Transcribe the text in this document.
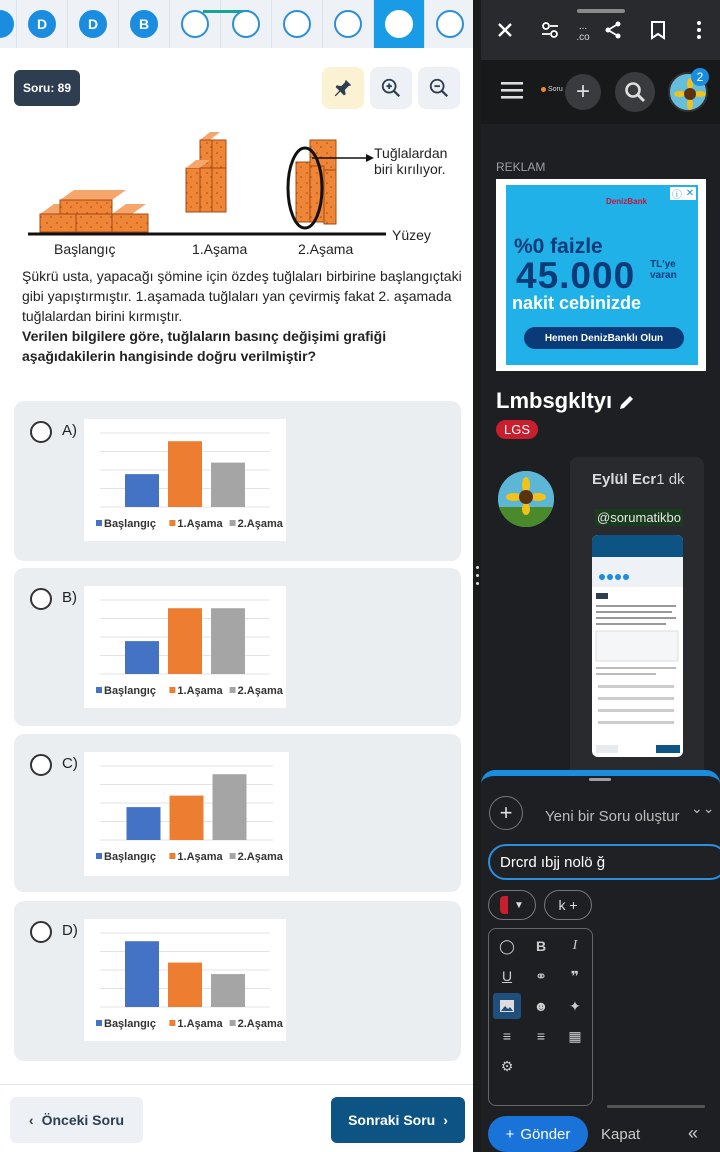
D	D	B
Soru: 89
Başlangıç	1.Aşama	2.Aşama
Yüzey
Tuğlalardan
biri kırılıyor.
Şükrü usta, yapacağı şömine için özdeş tuğlaları birbirine başlangıçtaki gibi yapıştırmıştır. 1.aşamada tuğlaları yan çevirmiş fakat 2. aşamada tuğlalardan birini kırmıştır.
Verilen bilgilere göre, tuğlaların basınç değişimi grafiği aşağıdakilerin hangisinde doğru verilmiştir?
A)
Başlangıç 1.Aşama 2.Aşama
B)
Başlangıç 1.Aşama 2.Aşama
C)
Başlangıç 1.Aşama 2.Aşama
D)
Başlangıç 1.Aşama 2.Aşama
‹ Önceki Soru	Sonraki Soru ›
...
.co
Soru +
2
REKLAM
ⓘ ✕
DenizBank
%0 faizle
45.000 TL'ye
varan
nakit cebinizde
Hemen DenizBanklı Olun
Lmbsgkltyı
LGS
Eylül Ecr1 dk
@sorumatikbo
+	Yeni bir Soru oluştur ⌄⌄
Drcrd ıbjj nolö ğ
▼	k +
◯	B	I
U	⚭	❞
☻	✦
≡	≡	▦
⚙
+ Gönder Kapat	«
